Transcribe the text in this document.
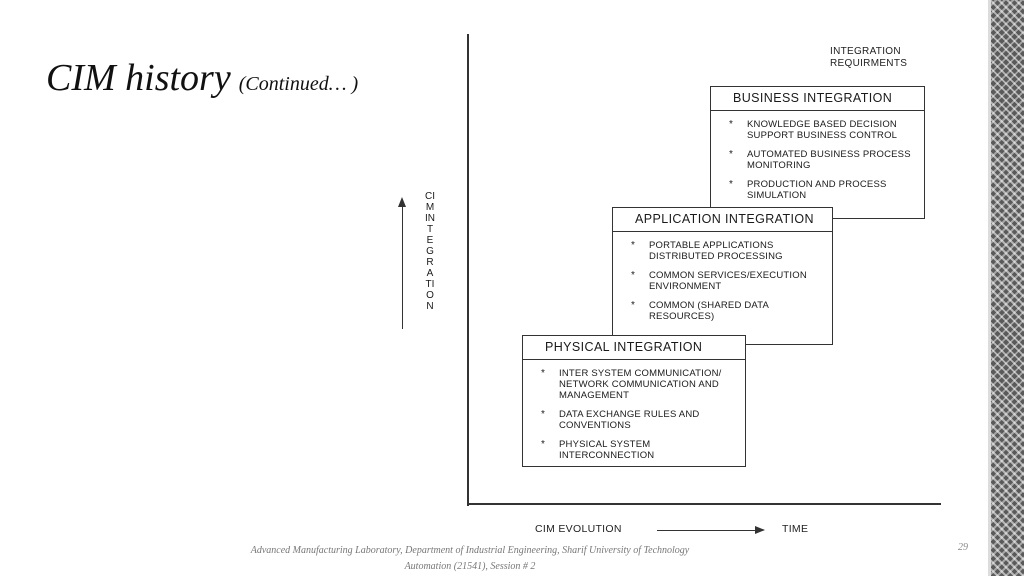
CIM history (Continued… )

INTEGRATION
REQUIRMENTS

BUSINESS INTEGRATION
* KNOWLEDGE BASED DECISION SUPPORT BUSINESS CONTROL
* AUTOMATED BUSINESS PROCESS MONITORING
* PRODUCTION AND PROCESS SIMULATION
APPLICATION INTEGRATION
* PORTABLE APPLICATIONS DISTRIBUTED PROCESSING
* COMMON SERVICES/EXECUTION ENVIRONMENT
* COMMON (SHARED DATA RESOURCES)
PHYSICAL INTEGRATION
* INTER SYSTEM COMMUNICATION/ NETWORK COMMUNICATION AND MANAGEMENT
* DATA EXCHANGE RULES AND CONVENTIONS
* PHYSICAL SYSTEM INTERCONNECTION

CIM INTEGRATION

CIM EVOLUTION	TIME

Advanced Manufacturing Laboratory, Department of Industrial Engineering, Sharif University of Technology
Automation (21541), Session # 2

29
